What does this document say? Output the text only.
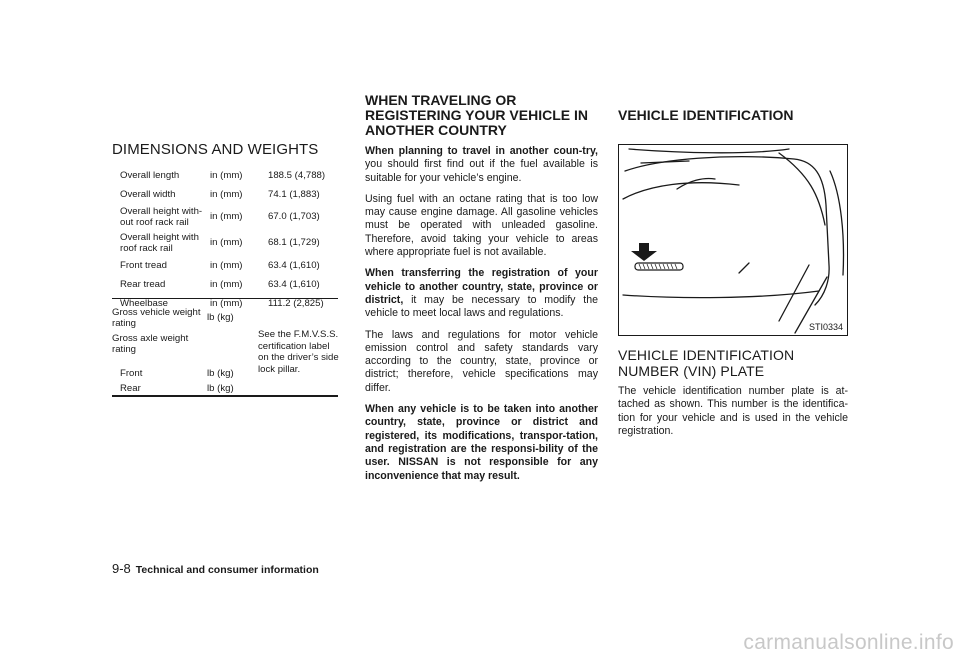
DIMENSIONS AND WEIGHTS
Overall length	in (mm)	188.5 (4,788)
Overall width	in (mm)	74.1 (1,883)
Overall height with-out roof rack rail	in (mm)	67.0 (1,703)
Overall height with roof rack rail	in (mm)	68.1 (1,729)
Front tread	in (mm)	63.4 (1,610)
Rear tread	in (mm)	63.4 (1,610)
Wheelbase	in (mm)	111.2 (2,825)
Gross vehicle weight rating	lb (kg)	See the F.M.V.S.S. certification label on the driver’s side lock pillar.
Gross axle weight rating		
Front	lb (kg)	
Rear	lb (kg)	
WHEN TRAVELING OR REGISTERING YOUR VEHICLE IN ANOTHER COUNTRY

When planning to travel in another coun-try, you should first find out if the fuel available is suitable for your vehicle’s engine.

Using fuel with an octane rating that is too low may cause engine damage. All gasoline vehicles must be operated with unleaded gasoline. Therefore, avoid taking your vehicle to areas where appropriate fuel is not available.

When transferring the registration of your vehicle to another country, state, province or district, it may be necessary to modify the vehicle to meet local laws and regulations.

The laws and regulations for motor vehicle emission control and safety standards vary according to the country, state, province or district; therefore, vehicle specifications may differ.

When any vehicle is to be taken into another country, state, province or district and registered, its modifications, transpor-tation, and registration are the responsi-bility of the user. NISSAN is not responsible for any inconvenience that may result.

VEHICLE IDENTIFICATION
STI0334
VEHICLE IDENTIFICATION NUMBER (VIN) PLATE

The vehicle identification number plate is at-tached as shown. This number is the identifica-tion for your vehicle and is used in the vehicle registration.

9-8 Technical and consumer information
carmanualsonline.info
